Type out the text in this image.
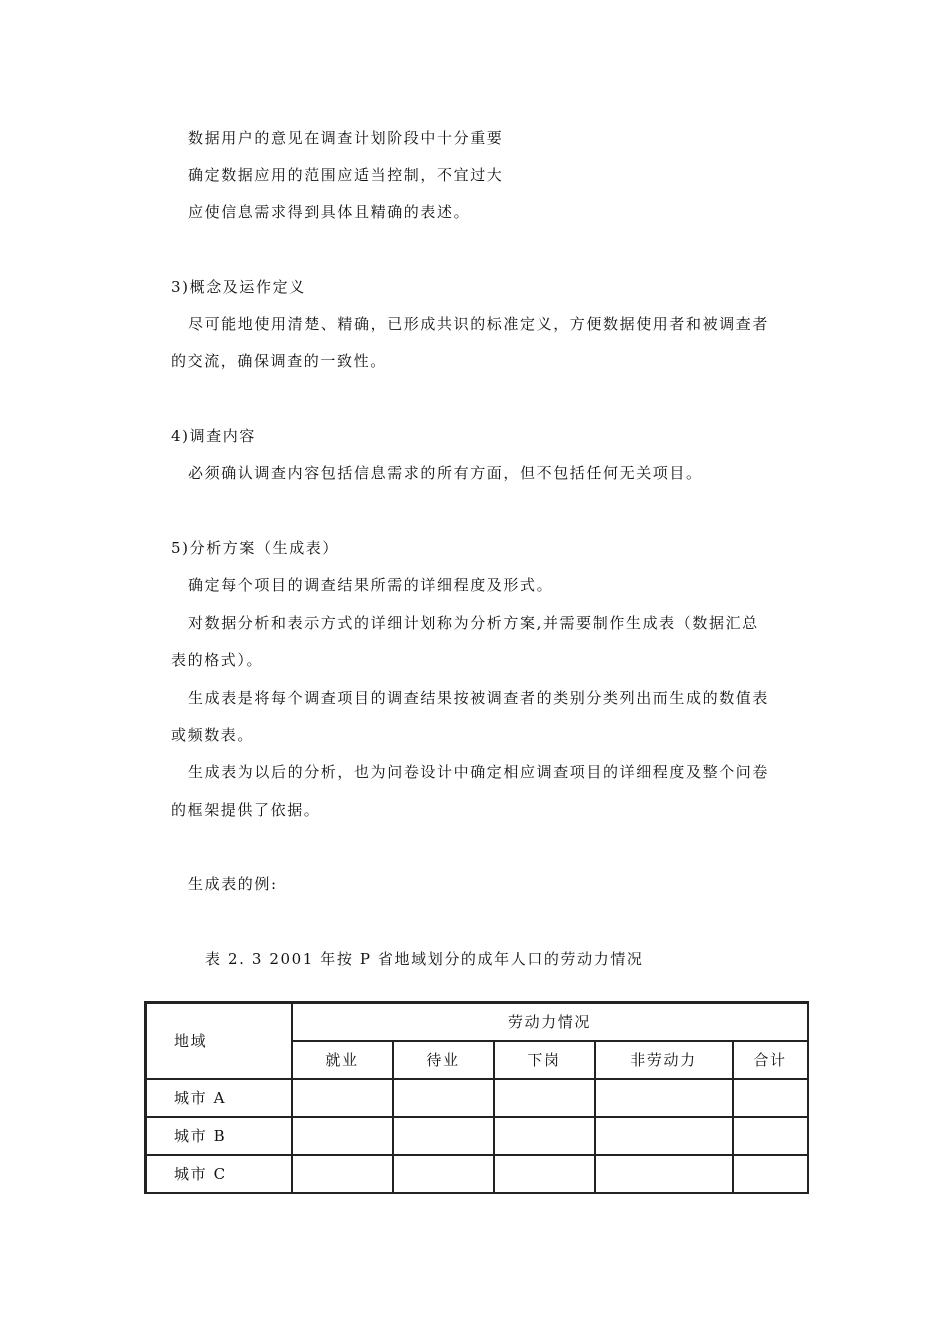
数据用户的意见在调查计划阶段中十分重要
确定数据应用的范围应适当控制，不宜过大
应使信息需求得到具体且精确的表述。
3)概念及运作定义
尽可能地使用清楚、精确，已形成共识的标准定义，方便数据使用者和被调查者
的交流，确保调查的一致性。
4)调查内容
必须确认调查内容包括信息需求的所有方面，但不包括任何无关项目。
5)分析方案（生成表）
确定每个项目的调查结果所需的详细程度及形式。
对数据分析和表示方式的详细计划称为分析方案,并需要制作生成表（数据汇总
表的格式）。
生成表是将每个调查项目的调查结果按被调查者的类别分类列出而生成的数值表
或频数表。
生成表为以后的分析，也为问卷设计中确定相应调查项目的详细程度及整个问卷
的框架提供了依据。
生成表的例:
表 2. 3 2001 年按 P 省地域划分的成年人口的劳动力情况
地域	劳动力情况				
	就业	待业	下岗	非劳动力	合计
城市 A					
城市 B					
城市 C					
